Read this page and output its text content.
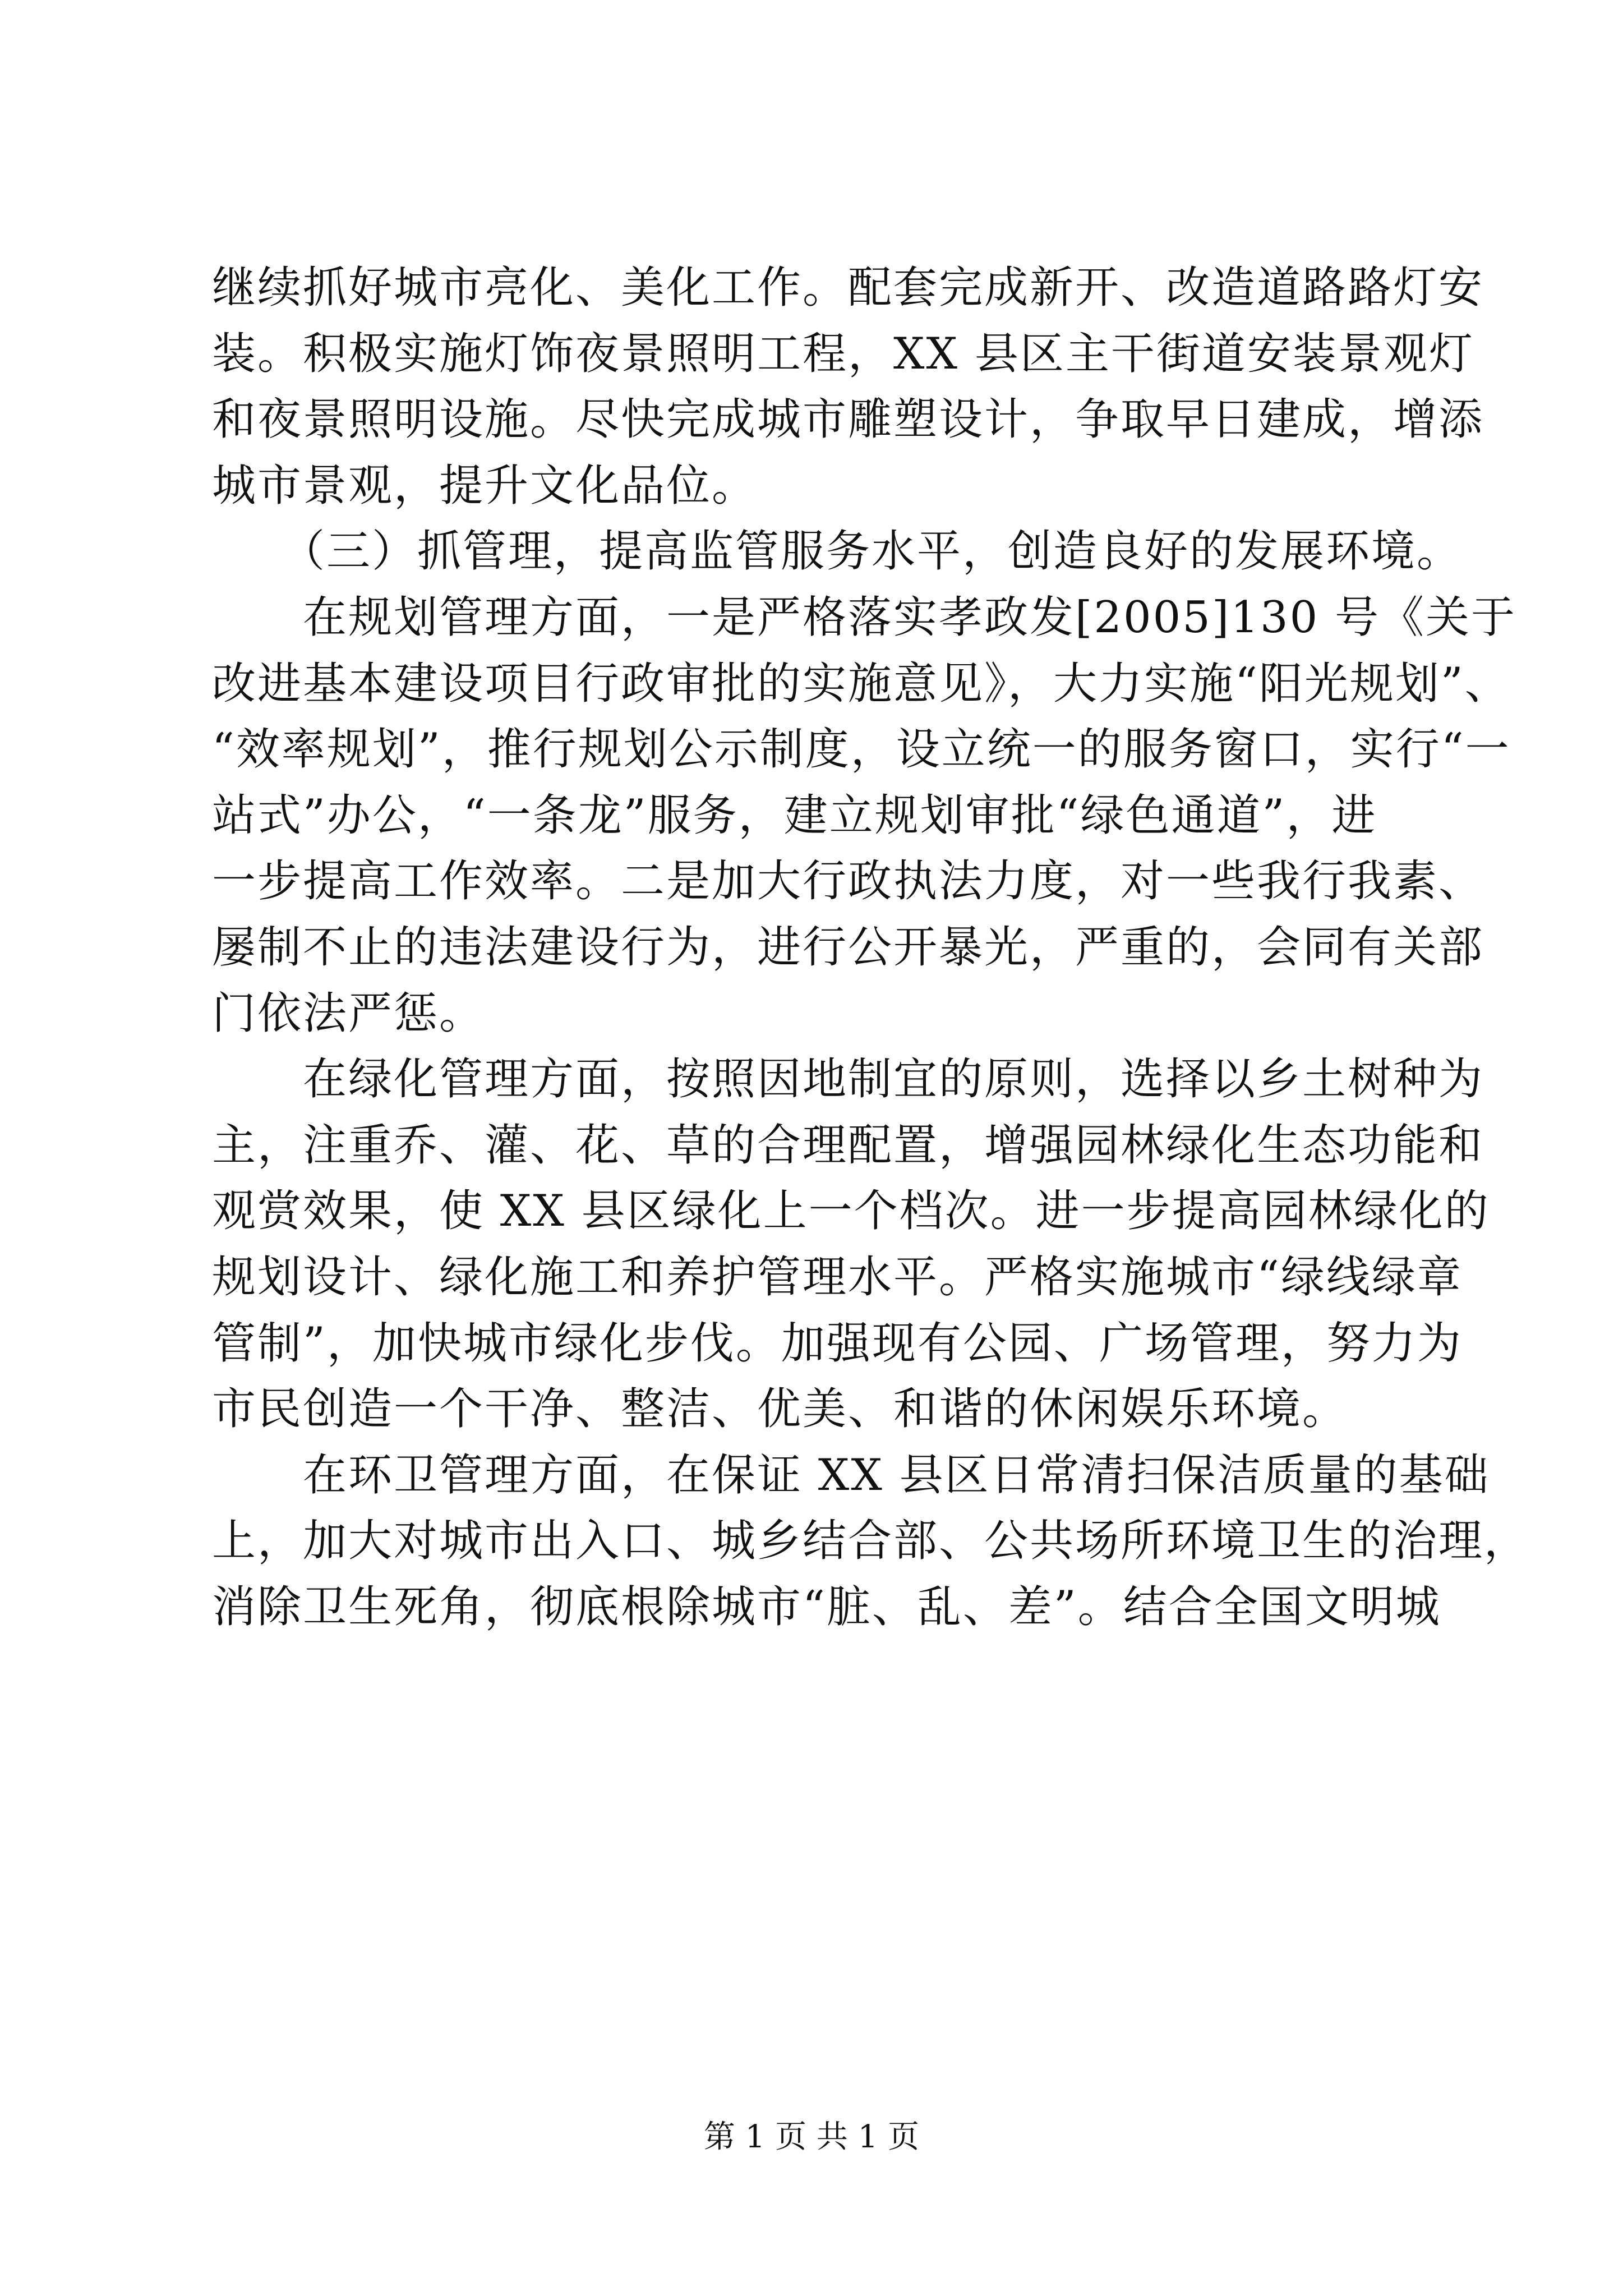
继续抓好城市亮化、美化工作。配套完成新开、改造道路路灯安
装。积极实施灯饰夜景照明工程，XX 县区主干街道安装景观灯
和夜景照明设施。尽快完成城市雕塑设计，争取早日建成，增添
城市景观，提升文化品位。
　　（三）抓管理，提高监管服务水平，创造良好的发展环境。
　　在规划管理方面，一是严格落实孝政发[2005]130 号《关于
改进基本建设项目行政审批的实施意见》，大力实施“阳光规划”、
“效率规划”，推行规划公示制度，设立统一的服务窗口，实行“一
站式”办公，“一条龙”服务，建立规划审批“绿色通道”，进
一步提高工作效率。二是加大行政执法力度，对一些我行我素、
屡制不止的违法建设行为，进行公开暴光，严重的，会同有关部
门依法严惩。
　　在绿化管理方面，按照因地制宜的原则，选择以乡土树种为
主，注重乔、灌、花、草的合理配置，增强园林绿化生态功能和
观赏效果，使 XX 县区绿化上一个档次。进一步提高园林绿化的
规划设计、绿化施工和养护管理水平。严格实施城市“绿线绿章
管制”，加快城市绿化步伐。加强现有公园、广场管理，努力为
市民创造一个干净、整洁、优美、和谐的休闲娱乐环境。
　　在环卫管理方面，在保证 XX 县区日常清扫保洁质量的基础
上，加大对城市出入口、城乡结合部、公共场所环境卫生的治理，
消除卫生死角，彻底根除城市“脏、乱、差”。结合全国文明城
第 1 页 共 1 页
